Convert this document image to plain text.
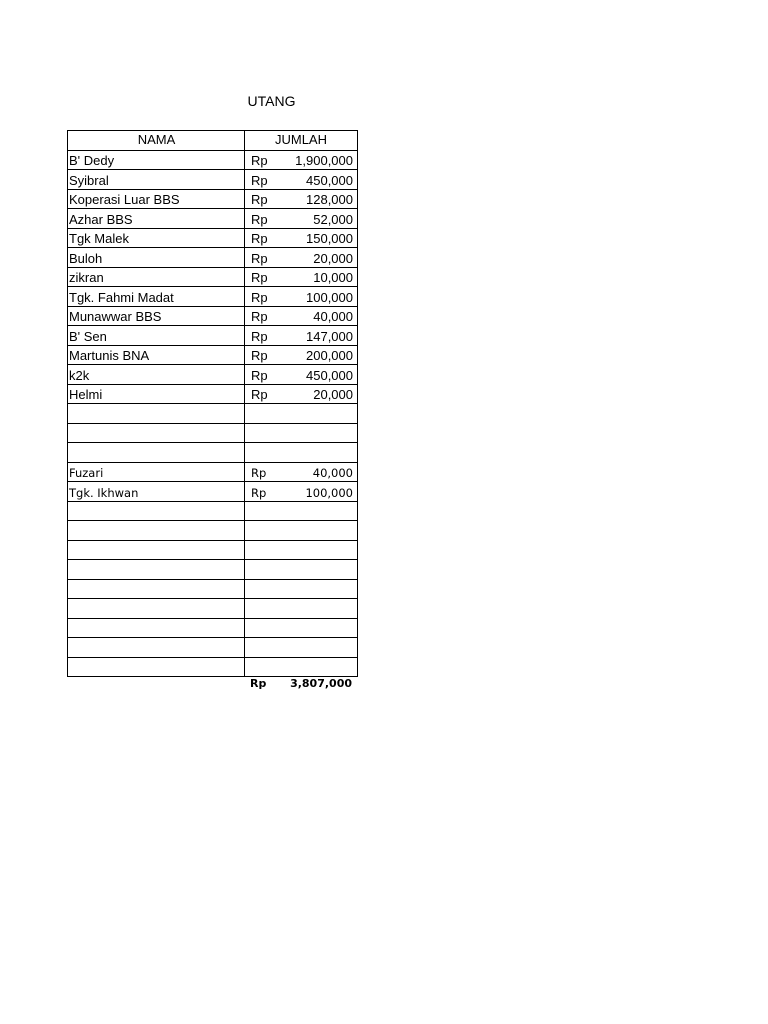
UTANG
NAMA	JUMLAH
B' Dedy	Rp 1,900,000

Syibral	Rp 450,000

Koperasi Luar BBS	Rp 128,000

Azhar BBS	Rp 52,000

Tgk Malek	Rp 150,000

Buloh	Rp 20,000

zikran	Rp 10,000

Tgk. Fahmi Madat	Rp 100,000

Munawwar BBS	Rp 40,000

B' Sen	Rp 147,000

Martunis BNA	Rp 200,000

k2k	Rp 450,000

Helmi	Rp 20,000

Fuzari	Rp 40,000

Tgk. Ikhwan	Rp 100,000

Rp 3,807,000
